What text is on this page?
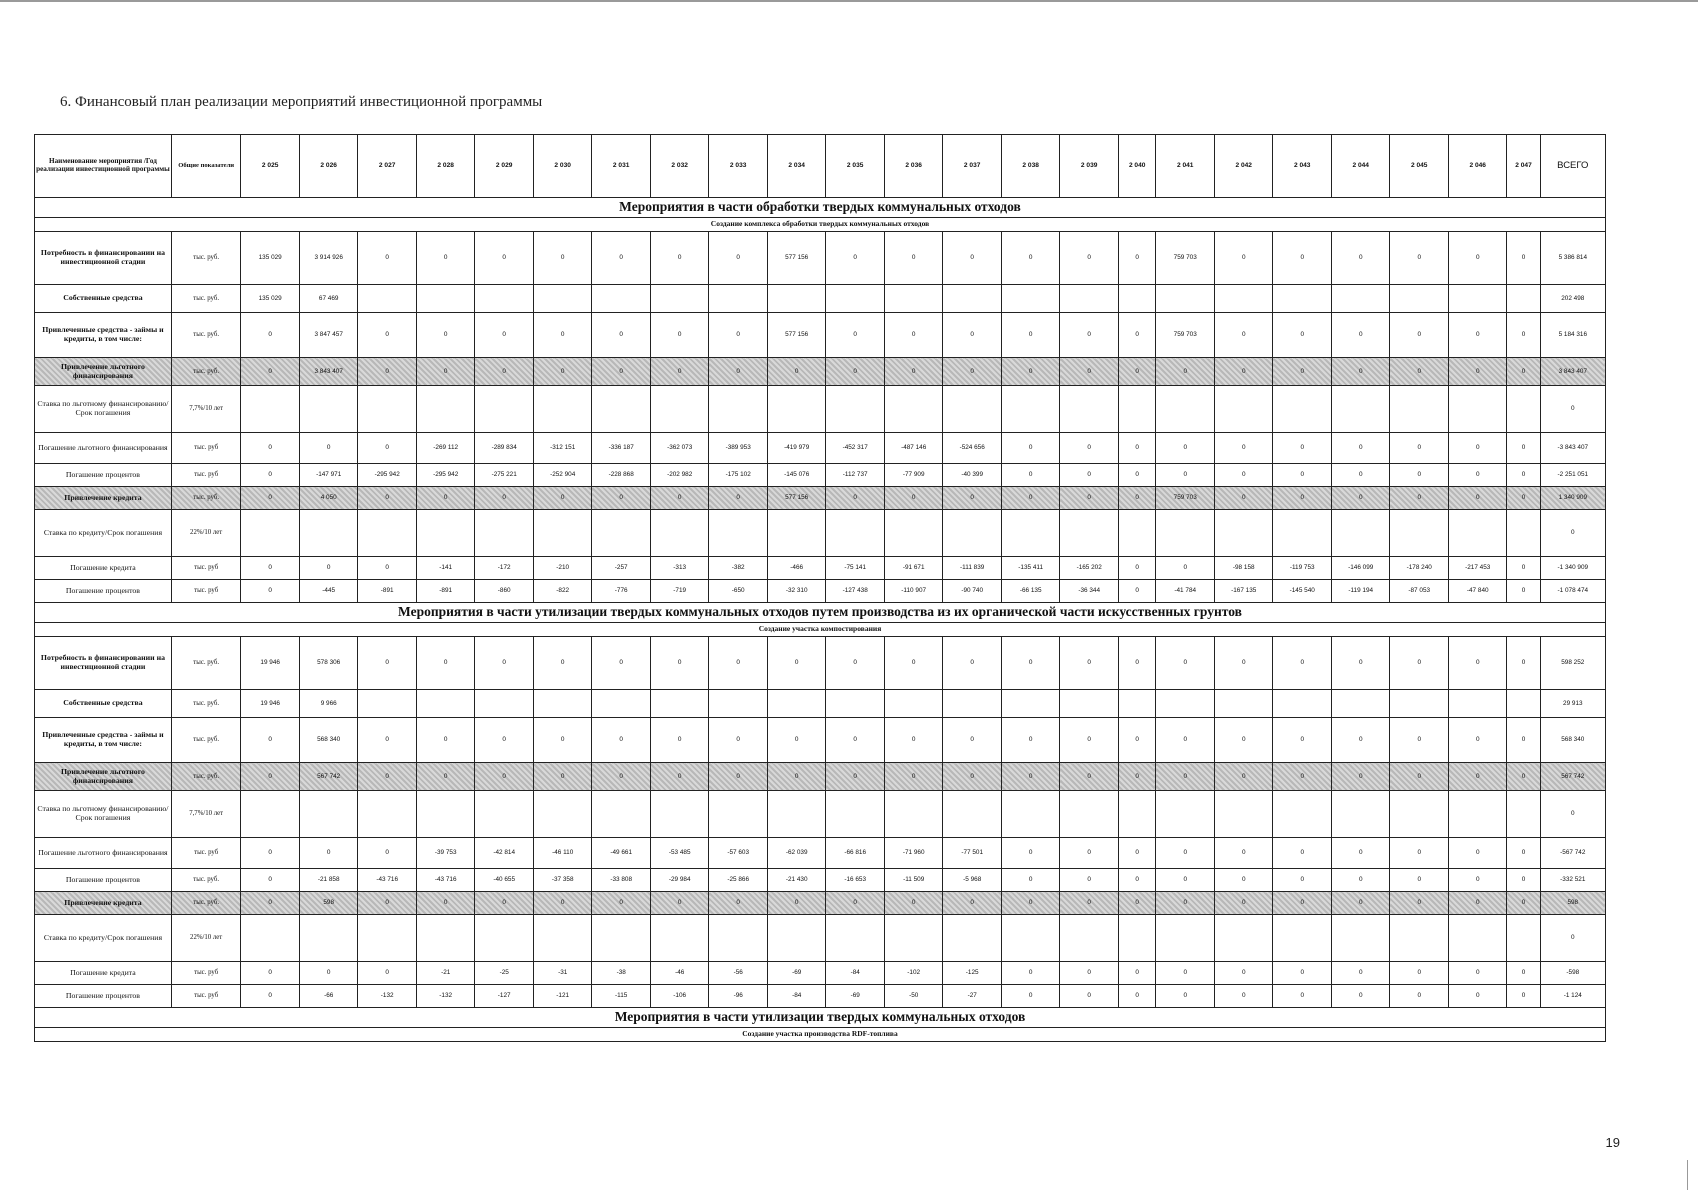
6. Финансовый план реализации мероприятий инвестиционной программы
Наименование мероприятия /Год реализации инвестиционной программы	Общие показатели	2 025	2 026	2 027	2 028	2 029	2 030	2 031	2 032	2 033	2 034	2 035	2 036	2 037	2 038	2 039	2 040	2 041	2 042	2 043	2 044	2 045	2 046	2 047	ВСЕГО
Мероприятия в части обработки твердых коммунальных отходов																									
Создание комплекса обработки твердых коммунальных отходов																									
Потребность в финансировании на инвестиционной стадии	тыс. руб.	135 029	3 914 926	0	0	0	0	0	0	0	577 156	0	0	0	0	0	0	759 703	0	0	0	0	0	0	5 386 814
Собственные средства	тыс. руб.	135 029	67 469																						202 498
Привлеченные средства - займы и кредиты, в том числе:	тыс. руб.	0	3 847 457	0	0	0	0	0	0	0	577 156	0	0	0	0	0	0	759 703	0	0	0	0	0	0	5 184 316
Привлечение льготного финансирования	тыс. руб.	0	3 843 407	0	0	0	0	0	0	0	0	0	0	0	0	0	0	0	0	0	0	0	0	0	3 843 407
Ставка по льготному финансированию/Срок погашения	7,7%/10 лет																								0
Погашение льготного финансирования	тыс. руб	0	0	0	-269 112	-289 834	-312 151	-336 187	-362 073	-389 953	-419 979	-452 317	-487 146	-524 656	0	0	0	0	0	0	0	0	0	0	-3 843 407
Погашение процентов	тыс. руб	0	-147 971	-295 942	-295 942	-275 221	-252 904	-228 868	-202 982	-175 102	-145 076	-112 737	-77 909	-40 399	0	0	0	0	0	0	0	0	0	0	-2 251 051
Привлечение кредита	тыс. руб.	0	4 050	0	0	0	0	0	0	0	577 156	0	0	0	0	0	0	759 703	0	0	0	0	0	0	1 340 909
Ставка по кредиту/Срок погашения	22%/10 лет																								0
Погашение кредита	тыс. руб	0	0	0	-141	-172	-210	-257	-313	-382	-466	-75 141	-91 671	-111 839	-135 411	-165 202	0	0	-98 158	-119 753	-146 099	-178 240	-217 453	0	-1 340 909
Погашение процентов	тыс. руб	0	-445	-891	-891	-860	-822	-776	-719	-650	-32 310	-127 438	-110 907	-90 740	-66 135	-36 344	0	-41 784	-167 135	-145 540	-119 194	-87 053	-47 840	0	-1 078 474
Мероприятия в части утилизации твердых коммунальных отходов путем производства из их органической части искусственных грунтов																									
Создание участка компостирования																									
Потребность в финансировании на инвестиционной стадии	тыс. руб.	19 946	578 306	0	0	0	0	0	0	0	0	0	0	0	0	0	0	0	0	0	0	0	0	0	598 252
Собственные средства	тыс. руб.	19 946	9 966																						29 913
Привлеченные средства - займы и кредиты, в том числе:	тыс. руб.	0	568 340	0	0	0	0	0	0	0	0	0	0	0	0	0	0	0	0	0	0	0	0	0	568 340
Привлечение льготного финансирования	тыс. руб.	0	567 742	0	0	0	0	0	0	0	0	0	0	0	0	0	0	0	0	0	0	0	0	0	567 742
Ставка по льготному финансированию/Срок погашения	7,7%/10 лет																								0
Погашение льготного финансирования	тыс. руб	0	0	0	-39 753	-42 814	-46 110	-49 661	-53 485	-57 603	-62 039	-66 816	-71 960	-77 501	0	0	0	0	0	0	0	0	0	0	-567 742
Погашение процентов	тыс. руб.	0	-21 858	-43 716	-43 716	-40 655	-37 358	-33 808	-29 984	-25 866	-21 430	-16 653	-11 509	-5 968	0	0	0	0	0	0	0	0	0	0	-332 521
Привлечение кредита	тыс. руб.	0	598	0	0	0	0	0	0	0	0	0	0	0	0	0	0	0	0	0	0	0	0	0	598
Ставка по кредиту/Срок погашения	22%/10 лет																								0
Погашение кредита	тыс. руб	0	0	0	-21	-25	-31	-38	-46	-56	-69	-84	-102	-125	0	0	0	0	0	0	0	0	0	0	-598
Погашение процентов	тыс. руб	0	-66	-132	-132	-127	-121	-115	-106	-96	-84	-69	-50	-27	0	0	0	0	0	0	0	0	0	0	-1 124
Мероприятия в части утилизации твердых коммунальных отходов																									
Создание участка производства RDF-топлива																									
19
